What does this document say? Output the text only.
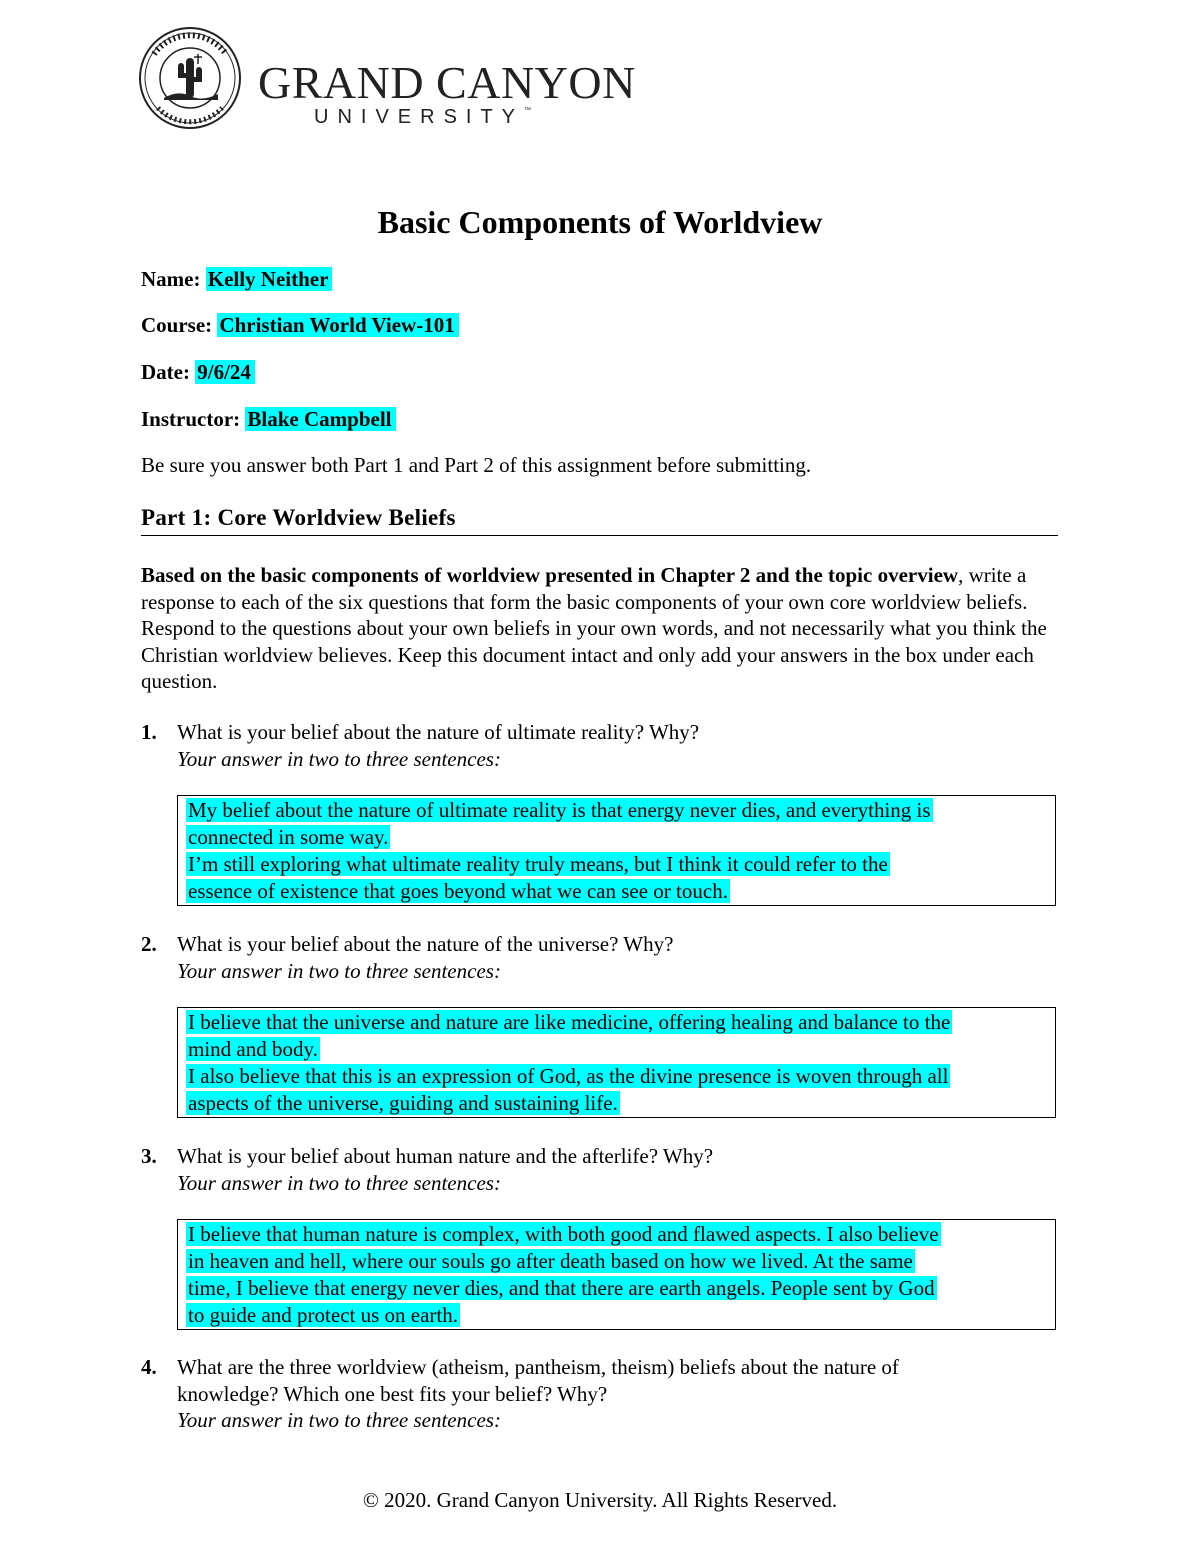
GRAND CANYON
UNIVERSITY™
Basic Components of Worldview
Name: Kelly Neither
Course: Christian World View-101
Date: 9/6/24
Instructor: Blake Campbell
Be sure you answer both Part 1 and Part 2 of this assignment before submitting.
Part 1: Core Worldview Beliefs
Based on the basic components of worldview presented in Chapter 2 and the topic overview, write a response to each of the six questions that form the basic components of your own core worldview beliefs. Respond to the questions about your own beliefs in your own words, and not necessarily what you think the Christian worldview believes. Keep this document intact and only add your answers in the box under each question.
1. What is your belief about the nature of ultimate reality? Why?
Your answer in two to three sentences:
My belief about the nature of ultimate reality is that energy never dies, and everything is
connected in some way.
I’m still exploring what ultimate reality truly means, but I think it could refer to the
essence of existence that goes beyond what we can see or touch.
2. What is your belief about the nature of the universe? Why?
Your answer in two to three sentences:
I believe that the universe and nature are like medicine, offering healing and balance to the
mind and body.
I also believe that this is an expression of God, as the divine presence is woven through all
aspects of the universe, guiding and sustaining life.
3. What is your belief about human nature and the afterlife? Why?
Your answer in two to three sentences:
I believe that human nature is complex, with both good and flawed aspects. I also believe
in heaven and hell, where our souls go after death based on how we lived. At the same
time, I believe that energy never dies, and that there are earth angels. People sent by God
to guide and protect us on earth.
4. What are the three worldview (atheism, pantheism, theism) beliefs about the nature of
knowledge? Which one best fits your belief? Why?
Your answer in two to three sentences:
© 2020. Grand Canyon University. All Rights Reserved.
